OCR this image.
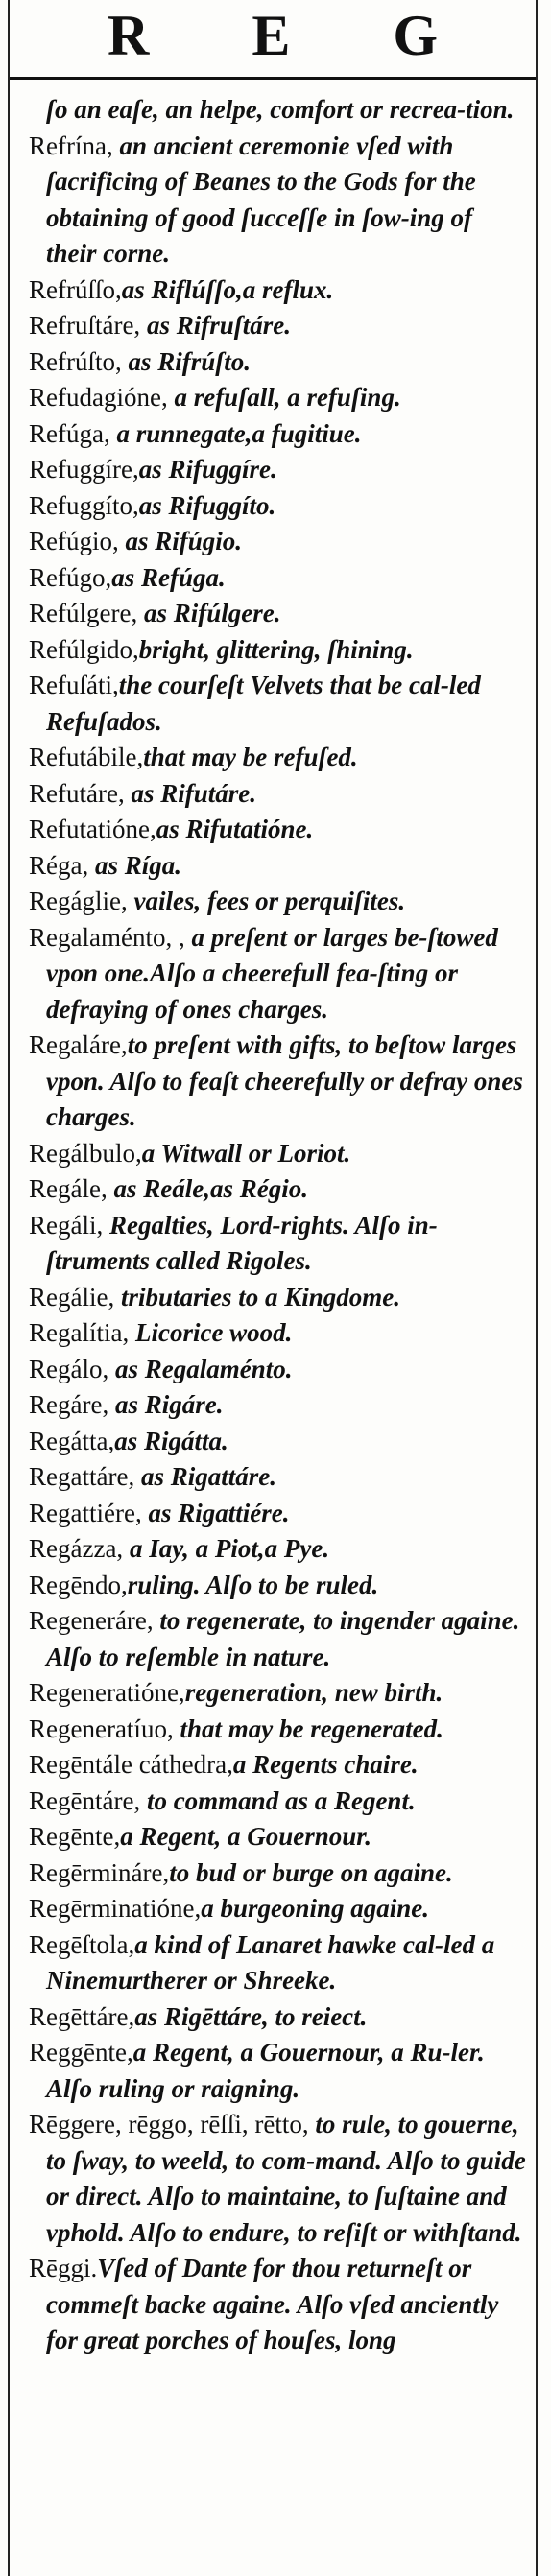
R E G
ſo an eaſe, an helpe, comfort or recrea-tion.
Refrína, an ancient ceremonie vſed with ſacrificing of Beanes to the Gods for the obtaining of good ſucceſſe in ſow-ing of their corne.
Refrúſſo,as Riflúſſo,a reflux.
Refruſtáre, as Rifruſtáre.
Refrúſto, as Rifrúſto.
Refudagióne, a refuſall, a refuſing.
Refúga, a runnegate,a fugitiue.
Refuggíre,as Rifuggíre.
Refuggíto,as Rifuggíto.
Refúgio, as Rifúgio.
Refúgo,as Refúga.
Refúlgere, as Rifúlgere.
Refúlgido,bright, glittering, ſhining.
Refuſáti,the courſeſt Velvets that be cal-led Refuſados.
Refutábile,that may be refuſed.
Refutáre, as Rifutáre.
Refutatióne,as Rifutatióne.
Réga, as Ríga.
Regáglie, vailes, fees or perquiſites.
Regalaménto, , a preſent or larges be-ſtowed vpon one.Alſo a cheerefull fea-ſting or defraying of ones charges.
Regaláre,to preſent with gifts, to beſtow larges vpon. Alſo to feaſt cheerefully or defray ones charges.
Regálbulo,a Witwall or Loriot.
Regále, as Reále,as Régio.
Regáli, Regalties, Lord-rights. Alſo in-ſtruments called Rigoles.
Regálie, tributaries to a Kingdome.
Regalítia, Licorice wood.
Regálo, as Regalaménto.
Regáre, as Rigáre.
Regátta,as Rigátta.
Regattáre, as Rigattáre.
Regattiére, as Rigattiére.
Regázza, a Iay, a Piot,a Pye.
Regēndo,ruling. Alſo to be ruled.
Regeneráre, to regenerate, to ingender againe. Alſo to reſemble in nature.
Regeneratióne,regeneration, new birth.
Regeneratíuo, that may be regenerated.
Regēntále cáthedra,a Regents chaire.
Regēntáre, to command as a Regent.
Regēnte,a Regent, a Gouernour.
Regērmináre,to bud or burge on againe.
Regērminatióne,a burgeoning againe.
Regēſtola,a kind of Lanaret hawke cal-led a Ninemurtherer or Shreeke.
Regēttáre,as Rigēttáre, to reiect.
Reggēnte,a Regent, a Gouernour, a Ru-ler. Alſo ruling or raigning.
Rēggere, rēggo, rēſſi, rētto, to rule, to gouerne, to ſway, to weeld, to com-mand. Alſo to guide or direct. Alſo to maintaine, to ſuſtaine and vphold. Alſo to endure, to reſiſt or withſtand.
Rēggi.Vſed of Dante for thou returneſt or commeſt backe againe. Alſo vſed anciently for great porches of houſes, long
